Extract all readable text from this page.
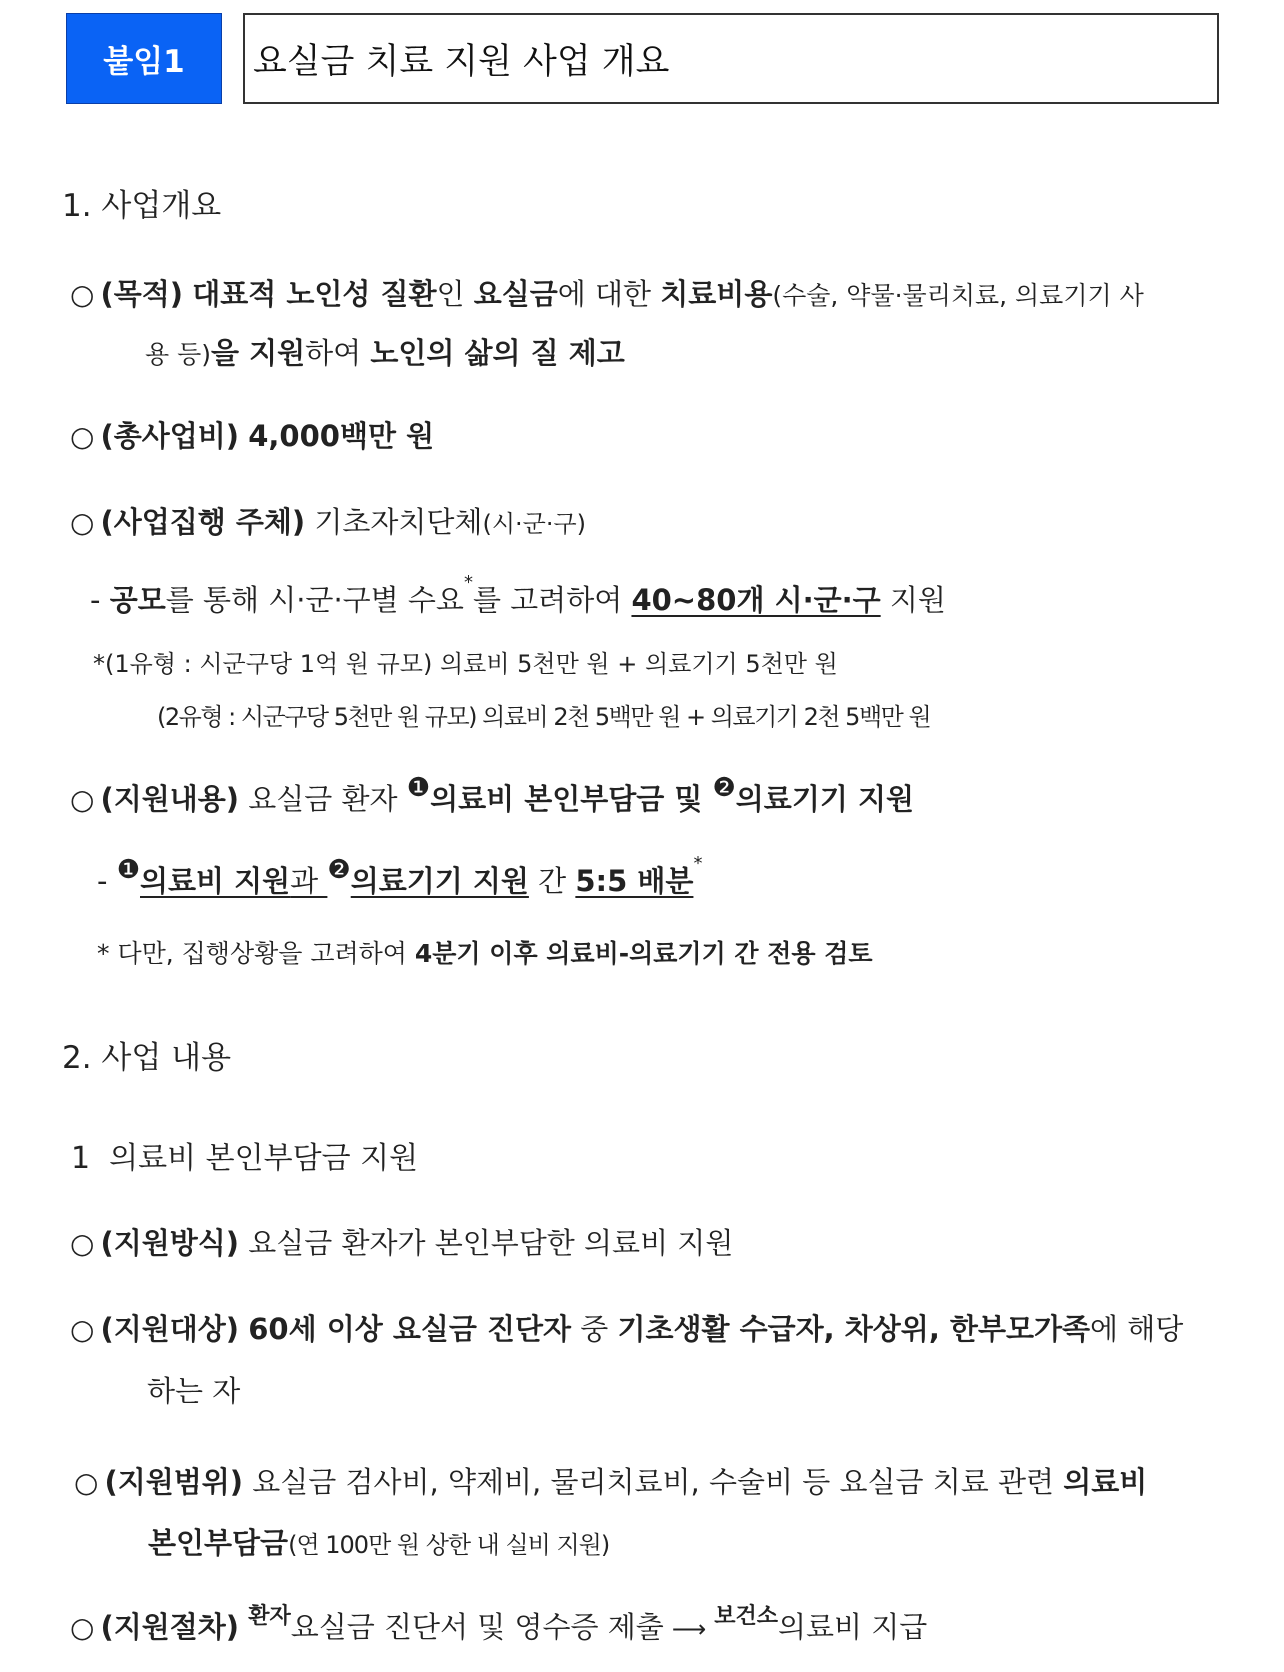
붙임1	요실금 치료 지원 사업 개요
1. 사업개요
○ (목적) 대표적 노인성 질환인 요실금에 대한 치료비용(수술, 약물·물리치료, 의료기기 사
용 등)을 지원하여 노인의 삶의 질 제고
○ (총사업비) 4,000백만 원
○ (사업집행 주체) 기초자치단체(시·군·구)
- 공모를 통해 시·군·구별 수요*를 고려하여 40~80개 시·군·구 지원
*(1유형 : 시군구당 1억 원 규모) 의료비 5천만 원 + 의료기기 5천만 원
(2유형 : 시군구당 5천만 원 규모) 의료비 2천 5백만 원 + 의료기기 2천 5백만 원
○ (지원내용) 요실금 환자 ❶의료비 본인부담금 및 ❷의료기기 지원
- ❶의료비 지원과 ❷의료기기 지원 간 5:5 배분*
* 다만, 집행상황을 고려하여 4분기 이후 의료비-의료기기 간 전용 검토
2. 사업 내용
1 의료비 본인부담금 지원
○ (지원방식) 요실금 환자가 본인부담한 의료비 지원
○ (지원대상) 60세 이상 요실금 진단자 중 기초생활 수급자, 차상위, 한부모가족에 해당
하는 자
○ (지원범위) 요실금 검사비, 약제비, 물리치료비, 수술비 등 요실금 치료 관련 의료비
본인부담금(연 100만 원 상한 내 실비 지원)
○ (지원절차) $^{환자}$요실금 진단서 및 영수증 제출 ⟶ $^{보건소}$의료비 지급
